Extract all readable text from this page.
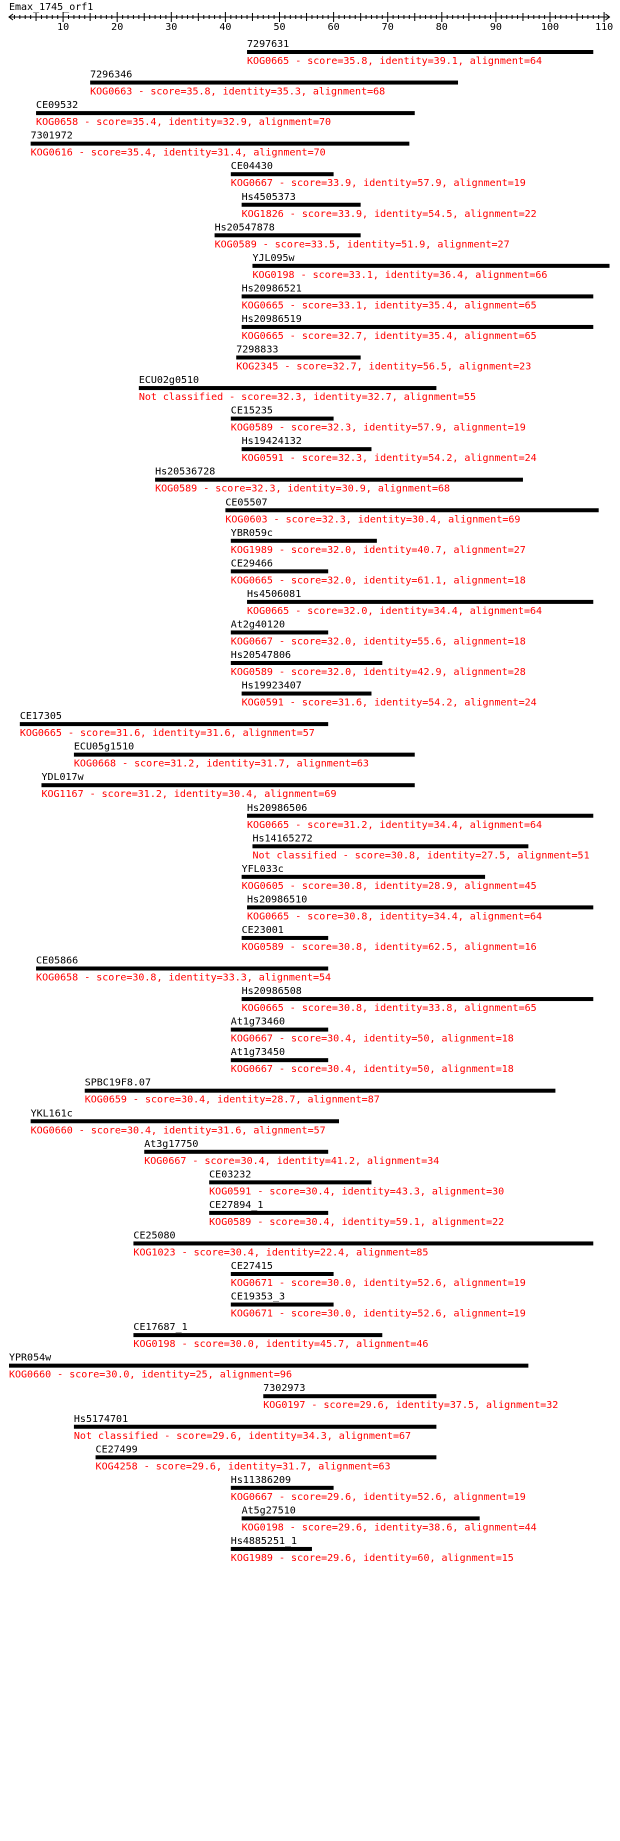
Emax_1745_orf1
10	20	30	40	50	60	70	80	90	100	110
7297631
KOG0665 - score=35.8, identity=39.1, alignment=64
7296346
KOG0663 - score=35.8, identity=35.3, alignment=68
CE09532
KOG0658 - score=35.4, identity=32.9, alignment=70
7301972
KOG0616 - score=35.4, identity=31.4, alignment=70
CE04430
KOG0667 - score=33.9, identity=57.9, alignment=19
Hs4505373
KOG1826 - score=33.9, identity=54.5, alignment=22
Hs20547878
KOG0589 - score=33.5, identity=51.9, alignment=27
YJL095w
KOG0198 - score=33.1, identity=36.4, alignment=66
Hs20986521
KOG0665 - score=33.1, identity=35.4, alignment=65
Hs20986519
KOG0665 - score=32.7, identity=35.4, alignment=65
7298833
KOG2345 - score=32.7, identity=56.5, alignment=23
ECU02g0510
Not classified - score=32.3, identity=32.7, alignment=55
CE15235
KOG0589 - score=32.3, identity=57.9, alignment=19
Hs19424132
KOG0591 - score=32.3, identity=54.2, alignment=24
Hs20536728
KOG0589 - score=32.3, identity=30.9, alignment=68
CE05507
KOG0603 - score=32.3, identity=30.4, alignment=69
YBR059c
KOG1989 - score=32.0, identity=40.7, alignment=27
CE29466
KOG0665 - score=32.0, identity=61.1, alignment=18
Hs4506081
KOG0665 - score=32.0, identity=34.4, alignment=64
At2g40120
KOG0667 - score=32.0, identity=55.6, alignment=18
Hs20547806
KOG0589 - score=32.0, identity=42.9, alignment=28
Hs19923407
KOG0591 - score=31.6, identity=54.2, alignment=24
CE17305
KOG0665 - score=31.6, identity=31.6, alignment=57
ECU05g1510
KOG0668 - score=31.2, identity=31.7, alignment=63
YDL017w
KOG1167 - score=31.2, identity=30.4, alignment=69
Hs20986506
KOG0665 - score=31.2, identity=34.4, alignment=64
Hs14165272
Not classified - score=30.8, identity=27.5, alignment=51
YFL033c
KOG0605 - score=30.8, identity=28.9, alignment=45
Hs20986510
KOG0665 - score=30.8, identity=34.4, alignment=64
CE23001
KOG0589 - score=30.8, identity=62.5, alignment=16
CE05866
KOG0658 - score=30.8, identity=33.3, alignment=54
Hs20986508
KOG0665 - score=30.8, identity=33.8, alignment=65
At1g73460
KOG0667 - score=30.4, identity=50, alignment=18
At1g73450
KOG0667 - score=30.4, identity=50, alignment=18
SPBC19F8.07
KOG0659 - score=30.4, identity=28.7, alignment=87
YKL161c
KOG0660 - score=30.4, identity=31.6, alignment=57
At3g17750
KOG0667 - score=30.4, identity=41.2, alignment=34
CE03232
KOG0591 - score=30.4, identity=43.3, alignment=30
CE27894_1
KOG0589 - score=30.4, identity=59.1, alignment=22
CE25080
KOG1023 - score=30.4, identity=22.4, alignment=85
CE27415
KOG0671 - score=30.0, identity=52.6, alignment=19
CE19353_3
KOG0671 - score=30.0, identity=52.6, alignment=19
CE17687_1
KOG0198 - score=30.0, identity=45.7, alignment=46
YPR054w
KOG0660 - score=30.0, identity=25, alignment=96
7302973
KOG0197 - score=29.6, identity=37.5, alignment=32
Hs5174701
Not classified - score=29.6, identity=34.3, alignment=67
CE27499
KOG4258 - score=29.6, identity=31.7, alignment=63
Hs11386209
KOG0667 - score=29.6, identity=52.6, alignment=19
At5g27510
KOG0198 - score=29.6, identity=38.6, alignment=44
Hs4885251_1
KOG1989 - score=29.6, identity=60, alignment=15
